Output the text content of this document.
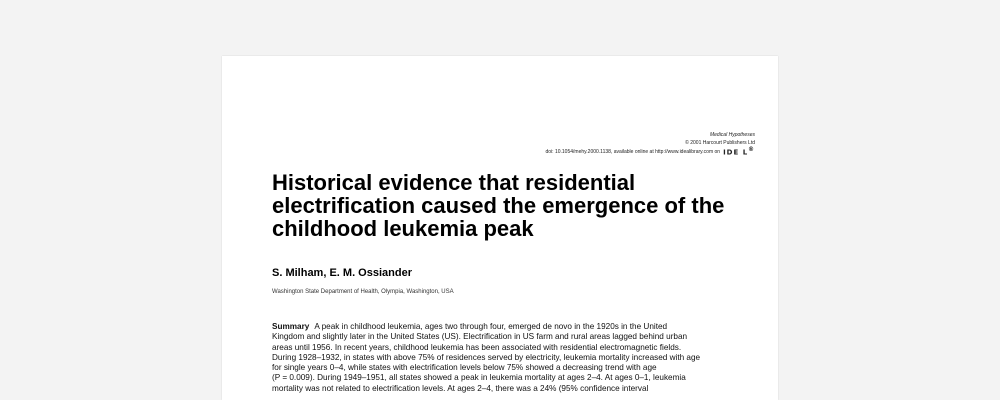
Medical Hypotheses
© 2001 Harcourt Publishers Ltd
doi: 10.1054/mehy.2000.1138, available online at http://www.idealibrary.com on IDE L®
Historical evidence that residential electrification caused the emergence of the childhood leukemia peak

S. Milham, E. M. Ossiander

Washington State Department of Health, Olympia, Washington, USA

Summary A peak in childhood leukemia, ages two through four, emerged de novo in the 1920s in the United
Kingdom and slightly later in the United States (US). Electrification in US farm and rural areas lagged behind urban
areas until 1956. In recent years, childhood leukemia has been associated with residential electromagnetic fields.
During 1928–1932, in states with above 75% of residences served by electricity, leukemia mortality increased with age
for single years 0–4, while states with electrification levels below 75% showed a decreasing trend with age
(P = 0.009). During 1949–1951, all states showed a peak in leukemia mortality at ages 2–4. At ages 0–1, leukemia
mortality was not related to electrification levels. At ages 2–4, there was a 24% (95% confidence interval
